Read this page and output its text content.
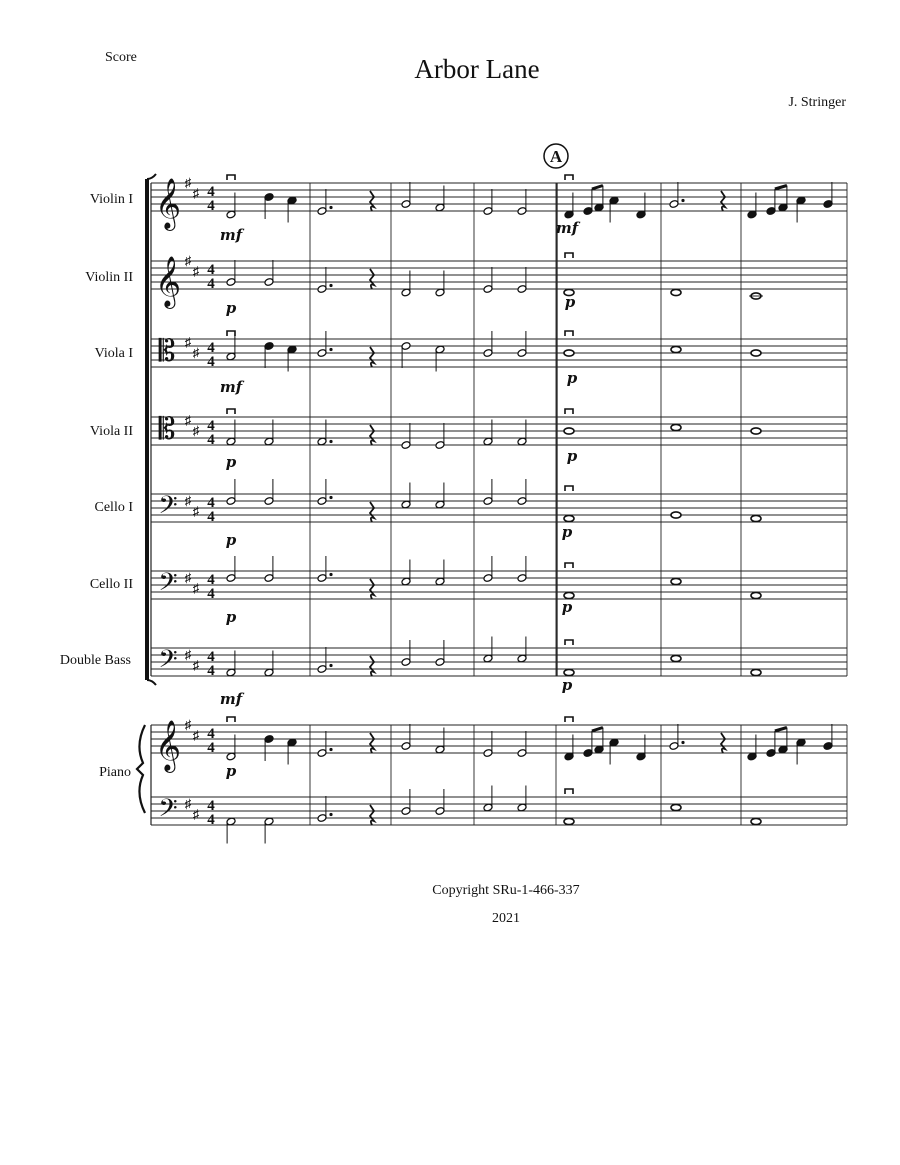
Score	Arbor Lane
J. Stringer
Violin I
Violin II
Viola I
Viola II
Cello I
Cello II
Double Bass
Piano
𝄞 ♯
♯ 4
4
𝄞 ♯
♯ 4
4
𝄡 ♯
♯ 4
4
𝄡 ♯
♯ 4
4
𝄢 ♯
♯ 4
4
𝄢 ♯
♯ 4
4
𝄢 ♯
♯ 4
4
𝄞 ♯
♯ 4
4
𝄢 ♯
♯ 4
4
A
mf	mf
p
p	p
mf	p
p	p
p	p
p
p
mf
p
Copyright SRu-1-466-337
2021
